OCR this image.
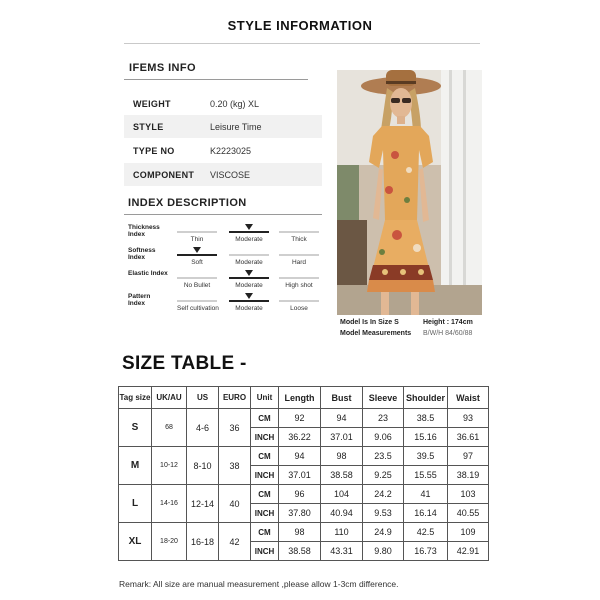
STYLE INFORMATION
IFEMS INFO
WEIGHT	0.20 (kg) XL
STYLE	Leisure Time
TYPE NO	K2223025
COMPONENT	VISCOSE
INDEX DESCRIPTION
Thickness Index
Thin	Moderate	Thick
Softness Index
Soft	Moderate	Hard
Elastic Index
No Bullet	Moderate	High shot
Pattern Index
Self cultivation	Moderate	Loose
Model Is In Size S	Height : 174cm
Model Measurements B/W/H 84/60/88
SIZE TABLE -
Tag size	UK/AU	US	EURO	Unit	Length	Bust	Sleeve	Shoulder	Waist
S	68	4-6	36	CM	92	94	23	38.5	93
				INCH	36.22	37.01	9.06	15.16	36.61
M	10-12	8-10	38	CM	94	98	23.5	39.5	97
				INCH	37.01	38.58	9.25	15.55	38.19
L	14-16	12-14	40	CM	96	104	24.2	41	103
				INCH	37.80	40.94	9.53	16.14	40.55
XL	18-20	16-18	42	CM	98	110	24.9	42.5	109
				INCH	38.58	43.31	9.80	16.73	42.91
Remark: All size are manual measurement ,please allow 1-3cm difference.
